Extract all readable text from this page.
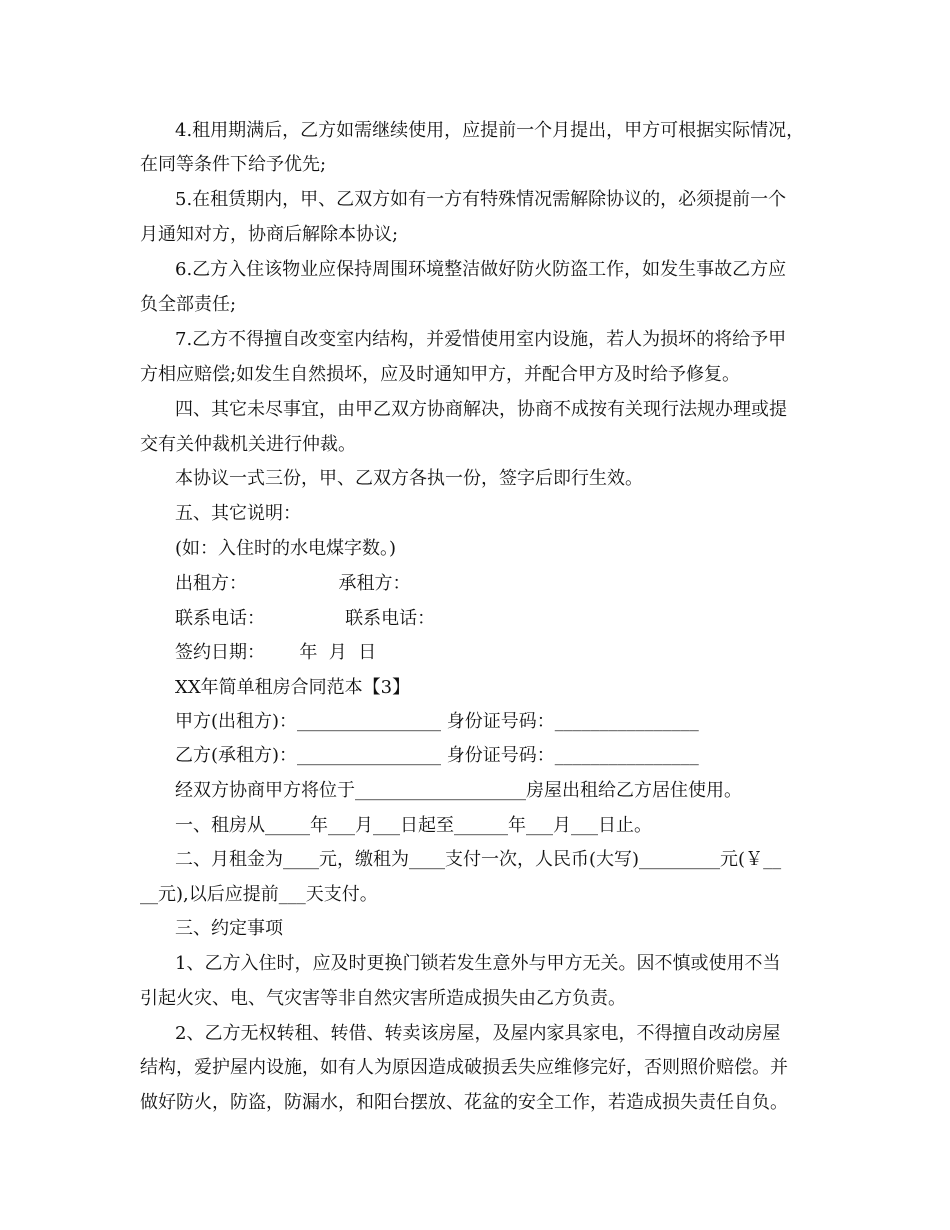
4.租用期满后，乙方如需继续使用，应提前一个月提出，甲方可根据实际情况，
在同等条件下给予优先;
5.在租赁期内，甲、乙双方如有一方有特殊情况需解除协议的，必须提前一个
月通知对方，协商后解除本协议;
6.乙方入住该物业应保持周围环境整洁做好防火防盗工作，如发生事故乙方应
负全部责任;
7.乙方不得擅自改变室内结构，并爱惜使用室内设施，若人为损坏的将给予甲
方相应赔偿;如发生自然损坏，应及时通知甲方，并配合甲方及时给予修复。
四、其它未尽事宜，由甲乙双方协商解决，协商不成按有关现行法规办理或提
交有关仲裁机关进行仲裁。
本协议一式三份，甲、乙双方各执一份，签字后即行生效。
五、其它说明：
(如：入住时的水电煤字数。)
出租方：                承租方：
联系电话：              联系电话：
签约日期：      年  月  日
XX年简单租房合同范本【3】
甲方(出租方)：________________ 身份证号码：________________
乙方(承租方)：________________ 身份证号码：________________
经双方协商甲方将位于___________________房屋出租给乙方居住使用。
一、租房从_____年___月___日起至______年___月___日止。
二、月租金为____元，缴租为____支付一次，人民币(大写)_________元(￥__
__元),以后应提前___天支付。
三、约定事项
1、乙方入住时，应及时更换门锁若发生意外与甲方无关。因不慎或使用不当
引起火灾、电、气灾害等非自然灾害所造成损失由乙方负责。
2、乙方无权转租、转借、转卖该房屋，及屋内家具家电，不得擅自改动房屋
结构，爱护屋内设施，如有人为原因造成破损丢失应维修完好，否则照价赔偿。并
做好防火，防盗，防漏水，和阳台摆放、花盆的安全工作，若造成损失责任自负。
